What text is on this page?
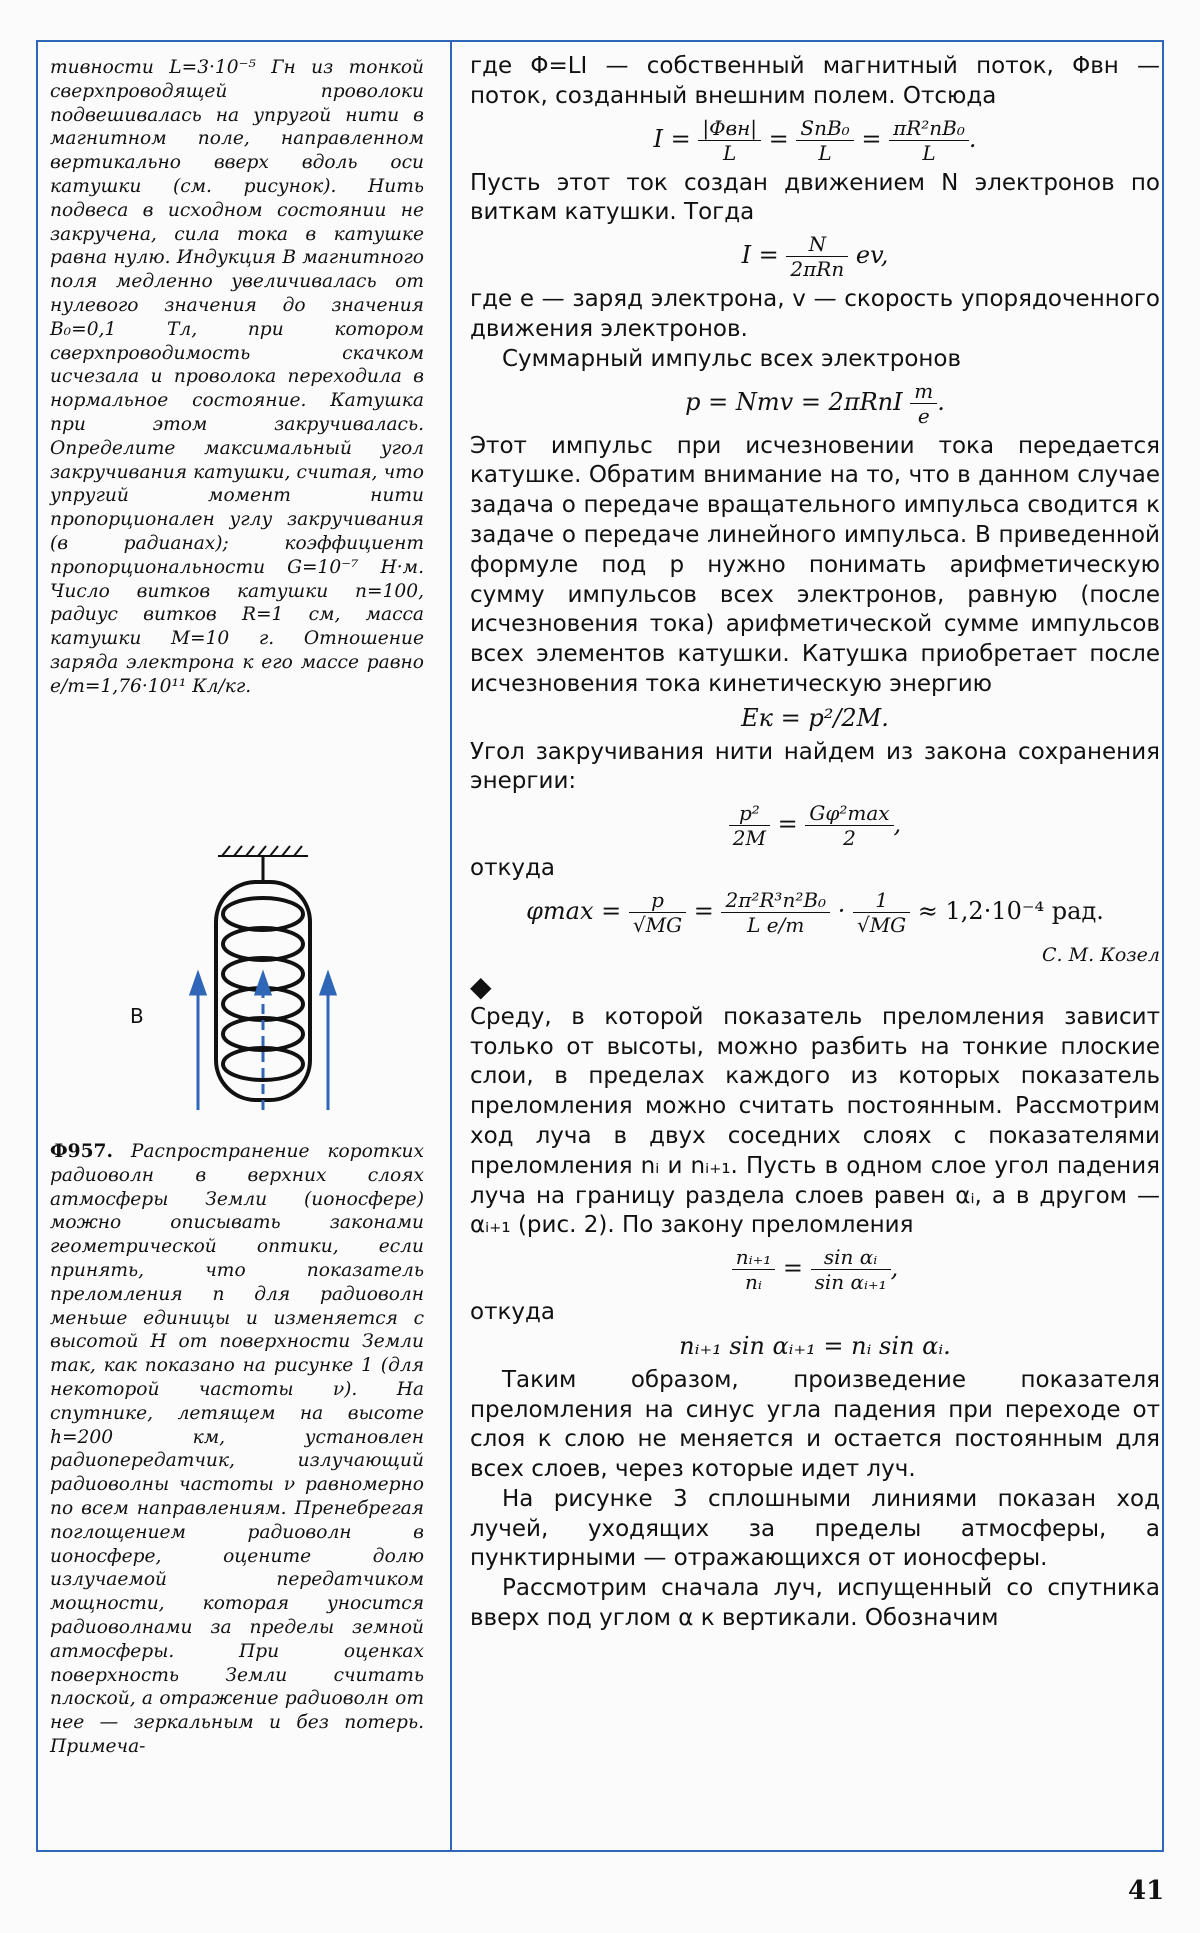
тивности L=3·10⁻⁵ Гн из тонкой сверхпроводящей проволоки подвешивалась на упругой нити в магнитном поле, направленном вертикально вверх вдоль оси катушки (см. рисунок). Нить подвеса в исходном состоянии не закручена, сила тока в катушке равна нулю. Индукция B магнитного поля медленно увеличивалась от нулевого значения до значения B₀=0,1 Тл, при котором сверхпроводимость скачком исчезала и проволока переходила в нормальное состояние. Катушка при этом закручивалась. Определите максимальный угол закручивания катушки, считая, что упругий момент нити пропорционален углу закручивания (в радианах); коэффициент пропорциональности G=10⁻⁷ Н·м. Число витков катушки n=100, радиус витков R=1 см, масса катушки M=10 г. Отношение заряда электрона к его массе равно e/m=1,76·10¹¹ Кл/кг.

B

Ф957. Распространение коротких радиоволн в верхних слоях атмосферы Земли (ионосфере) можно описывать законами геометрической оптики, если принять, что показатель преломления n для радиоволн меньше единицы и изменяется с высотой H от поверхности Земли так, как показано на рисунке 1 (для некоторой частоты ν). На спутнике, летящем на высоте h=200 км, установлен радиопередатчик, излучающий радиоволны частоты ν равномерно по всем направлениям. Пренебрегая поглощением радиоволн в ионосфере, оцените долю излучаемой передатчиком мощности, которая уносится радиоволнами за пределы земной атмосферы. При оценках поверхность Земли считать плоской, а отражение радиоволн от нее — зеркальным и без потерь. Примеча-

где Φ=LI — собственный магнитный поток, Φвн — поток, созданный внешним полем. Отсюда

$I = \frac{\text{|Φвн|}}{L} = \frac{\text{SnB₀}}{L} = \frac{\text{πR²nB₀}}{L}$ .

Пусть этот ток создан движением N электронов по виткам катушки. Тогда

$I = \frac{N}{\text{2πRn}}$ ev,

где e — заряд электрона, v — скорость упорядоченного движения электронов.

Суммарный импульс всех электронов

p = Nmv = $2\pi RnI \frac{m}{e}$ .

Этот импульс при исчезновении тока передается катушке. Обратим внимание на то, что в данном случае задача о передаче вращательного импульса сводится к задаче о передаче линейного импульса. В приведенной формуле под p нужно понимать арифметическую сумму импульсов всех электронов, равную (после исчезновения тока) арифметической сумме импульсов всех элементов катушки. Катушка приобретает после исчезновения тока кинетическую энергию

Eк = p²/2M.

Угол закручивания нити найдем из закона сохранения энергии:

$\frac{\text{p²}}{2M} = \frac{\text{Gφ²max}}{2}$ ,

откуда

$\varphi\max = \frac{p}{√MG} = \frac{\text{2π²R³n²B₀}}{\text{L e/m}} \cdot \frac{1}{√MG} \approx 1,2\cdot 10^{-4}$ рад.

С. М. Козел

◆

Среду, в которой показатель преломления зависит только от высоты, можно разбить на тонкие плоские слои, в пределах каждого из которых показатель преломления можно считать постоянным. Рассмотрим ход луча в двух соседних слоях с показателями преломления nᵢ и nᵢ₊₁. Пусть в одном слое угол падения луча на границу раздела слоев равен αᵢ, а в другом — αᵢ₊₁ (рис. 2). По закону преломления

$\frac{\text{nᵢ₊₁}}{\text{nᵢ}} = \frac{\text{sin αᵢ}}{\text{sin αᵢ₊₁}}$ ,

откуда

nᵢ₊₁ sin αᵢ₊₁ = nᵢ sin αᵢ.

Таким образом, произведение показателя преломления на синус угла падения при переходе от слоя к слою не меняется и остается постоянным для всех слоев, через которые идет луч.

На рисунке 3 сплошными линиями показан ход лучей, уходящих за пределы атмосферы, а пунктирными — отражающихся от ионосферы.

Рассмотрим сначала луч, испущенный со спутника вверх под углом α к вертикали. Обозначим

41
